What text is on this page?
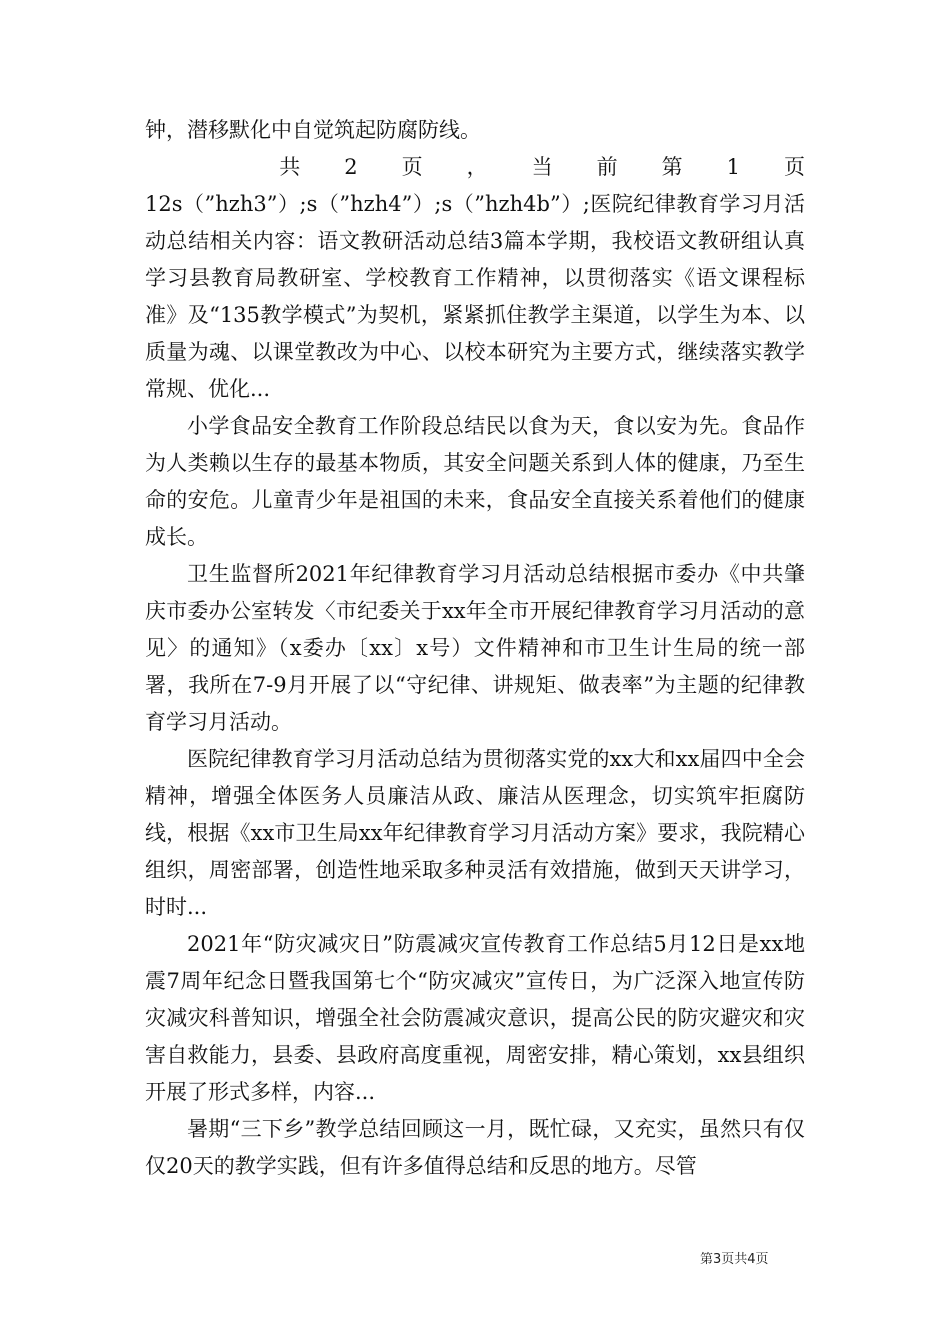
钟，潜移默化中自觉筑起防腐防线。

共 2 页 ， 当 前 第 1 页

12s（”hzh3”）;s（”hzh4”）;s（”hzh4b”）;医院纪律教育学习月活动总结相关内容：语文教研活动总结3篇本学期，我校语文教研组认真学习县教育局教研室、学校教育工作精神，以贯彻落实《语文课程标准》及“135教学模式”为契机，紧紧抓住教学主渠道，以学生为本、以质量为魂、以课堂教改为中心、以校本研究为主要方式，继续落实教学常规、优化...

小学食品安全教育工作阶段总结民以食为天，食以安为先。食品作为人类赖以生存的最基本物质，其安全问题关系到人体的健康，乃至生命的安危。儿童青少年是祖国的未来，食品安全直接关系着他们的健康成长。

卫生监督所2021年纪律教育学习月活动总结根据市委办《中共肇庆市委办公室转发〈市纪委关于xx年全市开展纪律教育学习月活动的意见〉的通知》（x委办〔xx〕x号）文件精神和市卫生计生局的统一部署，我所在7-9月开展了以“守纪律、讲规矩、做表率”为主题的纪律教育学习月活动。

医院纪律教育学习月活动总结为贯彻落实党的xx大和xx届四中全会精神，增强全体医务人员廉洁从政、廉洁从医理念，切实筑牢拒腐防线，根据《xx市卫生局xx年纪律教育学习月活动方案》要求，我院精心组织，周密部署，创造性地采取多种灵活有效措施，做到天天讲学习，时时...

2021年“防灾减灾日”防震减灾宣传教育工作总结5月12日是xx地震7周年纪念日暨我国第七个“防灾减灾”宣传日，为广泛深入地宣传防灾减灾科普知识，增强全社会防震减灾意识，提高公民的防灾避灾和灾害自救能力，县委、县政府高度重视，周密安排，精心策划，xx县组织开展了形式多样，内容...

暑期“三下乡”教学总结回顾这一月，既忙碌，又充实，虽然只有仅仅20天的教学实践，但有许多值得总结和反思的地方。尽管

第3页共4页
